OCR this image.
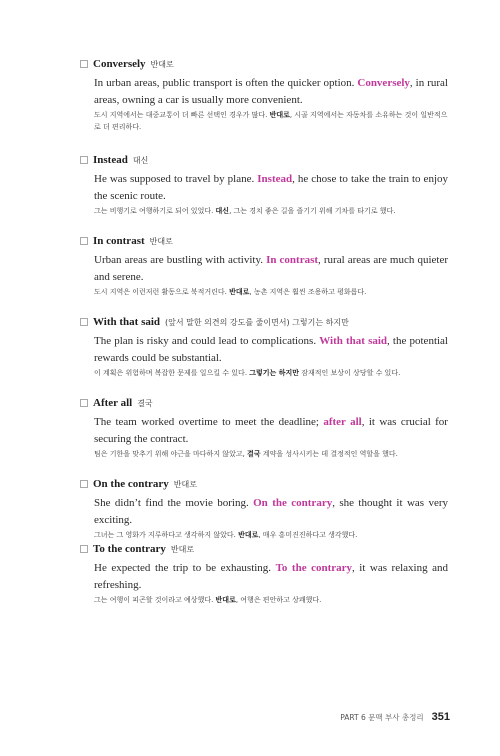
Conversely 반대로
In urban areas, public transport is often the quicker option. Conversely, in rural areas, owning a car is usually more convenient.
도시 지역에서는 대중교통이 더 빠른 선택인 경우가 많다. 반대로, 시골 지역에서는 자동차를 소유하는 것이 일반적으로 더 편리하다.
Instead 대신
He was supposed to travel by plane. Instead, he chose to take the train to enjoy the scenic route.
그는 비행기로 여행하기로 되어 있었다. 대신, 그는 경치 좋은 길을 즐기기 위해 기차를 타기로 했다.
In contrast 반대로
Urban areas are bustling with activity. In contrast, rural areas are much quieter and serene.
도시 지역은 이런저런 활동으로 북적거린다. 반대로, 농촌 지역은 훨씬 조용하고 평화롭다.
With that said (앞서 말한 의견의 강도를 줄이면서) 그렇기는 하지만
The plan is risky and could lead to complications. With that said, the potential rewards could be substantial.
이 계획은 위험하며 복잡한 문제를 일으킬 수 있다. 그렇기는 하지만 잠재적인 보상이 상당할 수 있다.
After all 결국
The team worked overtime to meet the deadline; after all, it was crucial for securing the contract.
팀은 기한을 맞추기 위해 야근을 마다하지 않았고, 결국 계약을 성사시키는 데 결정적인 역할을 했다.
On the contrary 반대로
She didn’t find the movie boring. On the contrary, she thought it was very exciting.
그녀는 그 영화가 지루하다고 생각하지 않았다. 반대로, 매우 흥미진진하다고 생각했다.
To the contrary 반대로
He expected the trip to be exhausting. To the contrary, it was relaxing and refreshing.
그는 여행이 피곤할 것이라고 예상했다. 반대로, 여행은 편안하고 상쾌했다.
PART 6 문맥 부사 총정리 351
